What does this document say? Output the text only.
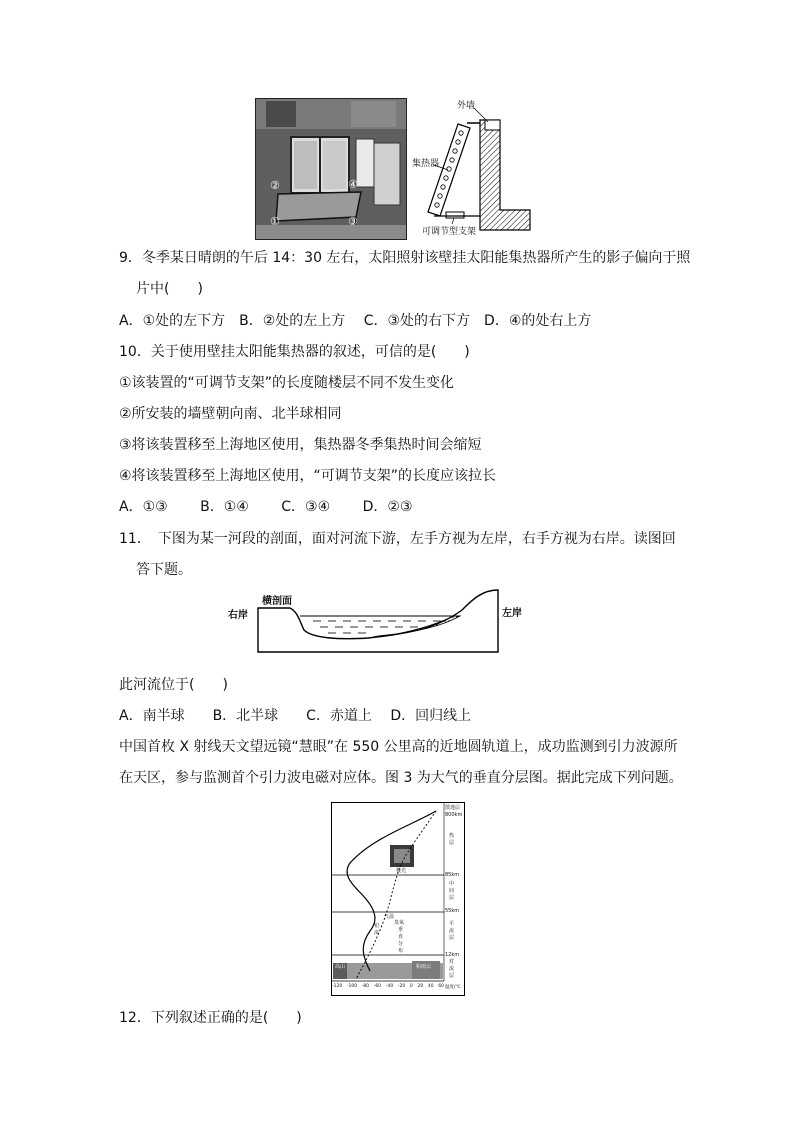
②	④
①	③
外墙
集热器
可调节型支架
9．冬季某日晴朗的午后 14：30 左右，太阳照射该壁挂太阳能集热器所产生的影子偏向于照
片中(　　)
A．①处的左下方　B．②处的左上方　 C．③处的右下方　D．④的处右上方
10．关于使用壁挂太阳能集热器的叙述，可信的是(　　)
①该装置的“可调节支架”的长度随楼层不同不发生变化
②所安装的墙壁朝向南、北半球相同
③将该装置移至上海地区使用，集热器冬季集热时间会缩短
④将该装置移至上海地区使用，“可调节支架”的长度应该拉长
A．①③　　 B．①④　　 C．③④　　 D．②③
11．　下图为某一河段的剖面，面对河流下游，左手方视为左岸，右手方视为右岸。读图回
答下题。
横剖面
右岸	左岸
此河流位于(　　)
A．南半球　　B．北半球　　C．赤道上　 D．回归线上
中国首枚 X 射线天文望远镜“慧眼”在 550 公里高的近地圆轨道上，成功监测到引力波源所
在天区，参与监测首个引力波电磁对应体。图 3 为大气的垂直分层图。据此完成下列问题。
散逸层
800km
热层
85km
中间层
55km
平流层
12km
对流层
极光
臭氧
气温
垂直分布
铝流
高山	积雨云
-120 -100 -80 -60 -40 -20 0 20 40 60 温度/℃
12．下列叙述正确的是(　　)
